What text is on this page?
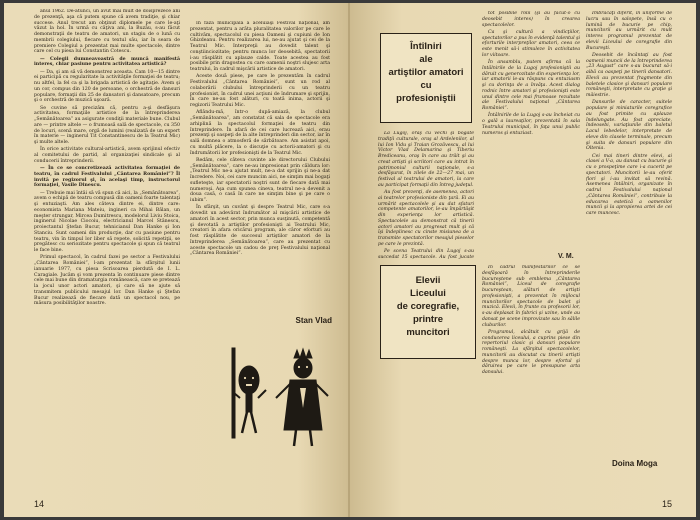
anul 1962. De-atunci, un avut mai mult de doisprezece ani de prezenţă, aşa că putem spune că avem tradiţie, şi chiar succese. Anul trecut am obţinut diplomele pe care le-aţi văzut la hol. În urmă cu câţiva ani, la Buzău, s-au făcut demonstraţii de teatru de amatori, un stagiu de o lună cu membrii colegiului, fiecare cu textul său, iar în seara de premiere Colegiul a prezentat mai multe spectacole, dintre care cel cu piesa lui Constantin Cotescu.

— Colegii dumneavoastră de muncă manifestă interes, chiar pasiune pentru activitatea artistică?

— Da, şi am să vă demonstrez aceasta. Cam 10—15 dintre ei participă cu regularitate la activităţile formaţiei de teatru; nu altfel, la fel ca şi la brigada artistică de agitaţie. Avem şi un cor, compus din 120 de persoane, o orchestră de dansuri populare, formaţii din 25 de dansatori şi dansatoare, precum şi o orchestră de muzică uşoară.

Se cuvine să precizăm că, pentru a-şi desfăşura activitatea, formaţiile artistice de la întreprinderea „Semănătoarea” au asigurate condiţii materiale bune. Clubul are — printre altele — o frumoasă sală de spectacole, cu 350 de locuri, scenă mare, orgă de lumini (realizată de un expert în materie — inginerul Tit Constantinescu de la Teatrul Mic) şi multe altele.

În orice activitate cultural-artistică, avem sprijinul efectiv al comitetului de partid, al organizaţiei sindicale şi al conducerii întreprinderii.

— În ce se concretizează activitatea formaţiei de teatru, în cadrul Festivalului „Cântarea României”? Îl invită pe regizorul şi, în acelaşi timp, instructorul formaţiei, Vasile Dinescu.

— Trebuie mai întâi să vă spun că aici, la „Semănătoarea”, avem o echipă de teatru compusă din oameni foarte talentaţi şi entuziaşti. Am ales câteva dintre ei, dintre care: economista Mariana Mateiu, ingineri ca Mihai Bălan, un meşter strungar, Mircea Dumitrescu, modelorul Liviu Stoica, inginerul Nicolae Ciocoiu, electricianul Marcel Stănescu, proiectantul Ştefan Bucur, tehnicianul Dan Hanke şi Ion Stanciu. Sunt oameni din producţie, dar cu pasiune pentru teatru, vin în timpul lor liber să repete, solicită repetiţii, se pregătesc cu seriozitate pentru spectacole şi spun că teatrul le face bine.

Primul spectacol, în cadrul fazei pe sector a Festivalului „Cântarea României”, l-am prezentat la sfârşitul lunii ianuarie 1977, cu piesa Scrisoarea pierdută de I. L. Caragiale. Jucăm şi vom prezenta în continuare piese dintre cele mai bune din dramaturgia românească, care se pretează la jocul unor actori amatori, şi care să ne ajute să transmitem publicului mesajul lor. Dan Hanke şi Ştefan Bucur realizează de fiecare dată un spectacol nou, pe măsura posibilităţilor noastre.

În faza municipală a aceluiaşi Festival naţional, am prezentat, pentru a arăta pluralitatea valorilor pe care le cultivăm, spectacolul cu piesa Oameni şi cupiuni de Ion Ghizdeanu. Pentru realizarea lui, ne-au ajutat şi cei de la Teatrul Mic. Interpreţii au dovedit talent şi conştiinciozitate; pentru munca lor deosebită, spectatorii i-au răsplătit cu aplauze calde. Toate acestea au fost posibile prin dragostea cu care oamenii noştri slujesc arta teatrului, în cadrul mişcării artistice de amatori.

Aceste două piese, pe care le prezentăm în cadrul Festivalului „Cântarea României”, sunt un rod al colaborării clubului întreprinderii cu un teatru profesionist, în cadrul unei acţiuni de îndrumare şi sprijin, în care ne-au fost alături, cu toată inima, actorii şi regizorii Teatrului Mic.

Aflându-mă, într-o după-amiază, la clubul „Semănătoarea”, am constatat că sala de spectacole era arhiplină la spectacolul formaţiei de teatru din întreprindere. În afară de cei care lucrează aici, erau prezenţi şi oaspeţi de la alte întreprinderi din sector, iar în sală domnea o atmosferă de sărbătoare. Am asistat apoi, cu multă plăcere, la o discuţie cu actorii-amatori şi cu îndrumătorii lor profesionişti de la Teatrul Mic.

Redăm, cele câteva cuvinte ale directorului Clubului „Semănătoarea”, care ne-au impresionat prin căldura lor: „Teatrul Mic ne-a ajutat mult, ne-a dat sprijin şi ne-a dat încredere. Noi, cei care muncim aici, ne simţim mai bogaţi sufleteşte, iar spectatorii noştri sunt de fiecare dată mai numeroşi. Aşa cum spunea cineva, teatrul ne-a devenit a doua casă, o casă în care ne simţim bine şi pe care o iubim”.

În sfârşit, un cuvânt şi despre Teatrul Mic, care s-a dovedit un adevărat îndrumător al mişcării artistice de amatori în acest sector, prin munca susţinută, competentă şi devotată a artiştilor profesionişti ai Teatrului Mic, creatori în afara oricărui program, ale căror eforturi au fost răsplătite de succesul artiştilor amatori de la întreprinderea „Semănătoarea”, care au prezentat cu aceste spectacole un cadou de preţ Festivalului naţional „Cântarea României”.

Stan Vlad
14
Întîlniri
ale
artiştilor amatori
cu
profesioniştii

La Lugoj, oraş cu vechi şi bogate tradiţii culturale, oraş al Ardelenilor, al lui Ion Vidu şi Traian Grozăvescu, al lui Victor Vlad Delamarina şi Tiberiu Brediceanu, oraş în care au trăit şi au creat artişti şi scriitori care au intrat în patrimoniul culturii naţionale, s-a desfăşurat, în zilele de 22—27 mai, un festival al teatrului de amatori, la care au participat formaţii din întreg judeţul.

Au fost prezenţi, de asemenea, actori ai teatrelor profesioniste din ţară. Ei au urmărit spectacolele şi au dat sfaturi competente amatorilor, le-au împărtăşit din experienţa lor artistică. Spectacolele au demonstrat că tinerii actori amatori au progresat mult şi că îşi îndeplinesc cu cinste misiunea de a transmite spectatorilor mesajul pieselor pe care le prezintă.

Pe scena Teatrului din Lugoj s-au succedat 15 spectacole. Au fost jucate

tot posibile rolii (şi au făcut-o cu deosebit interes) în crearea spectacolelor.

Ca şi cultură a vindicţiilor, spectatorilor a pus în evidenţă talentul şi eforturile interpreţilor amatori, ceea ce este menit să-i stimuleze în activitatea lor viitoare.

În ansamblu, putem afirma că la întâlnirile de la Lugoj profesioniştii au dăruit cu generozitate din experienţa lor, iar amatorii le-au răspuns cu entuziasm şi cu dorinţa de a învăţa. Acest dialog rodnic între amatori şi profesionişti este unul dintre cele mai frumoase rezultate ale Festivalului naţional „Cântarea României”.

Întâlnirile de la Lugoj s-au încheiat cu o gală a laureaţilor, prezentată în sala Teatrului municipal, în faţa unui public numeros şi entuziast.

V. M.
Elevii
Liceului
de coregrafie,
printre
muncitori

În cadrul manifestărilor ce se desfăşoară în întreprinderile bucureştene sub emblema „Cântarea României”, Liceul de coregrafie bucureştean, alături de artişti profesionişti, a prezentat în mijlocul muncitorilor spectacole de balet şi muzică. Elevii, în frunte cu profesorii lor, s-au deplasat în fabrici şi uzine, unde au dansat pe scene improvizate sau în sălile cluburilor.

Programul, alcătuit cu grijă de conducerea liceului, a cuprins piese din repertoriul clasic şi dansuri populare româneşti. La sfârşitul spectacolelor, muncitorii au discutat cu tinerii artişti despre munca lor, despre efortul şi dăruirea pe care le presupune arta dansului.

Îmbrăcaţi diferit, în uniforme de lucru sau în salopete, însă cu o lumină de bucurie pe chip, muncitorii au urmărit cu mult interes programul prezentat de elevii Liceului de coregrafie din Bucureşti.

Deosebit de încântaţi au fost oamenii muncii de la întreprinderea „23 August” care s-au bucurat să-i aibă ca oaspeţi pe tinerii dansatori. Elevii au prezentat fragmente din baletele clasice şi dansuri populare româneşti, interpretate cu graţie şi măiestrie.

Dansurile de caracter, suitele populare şi miniaturile coregrafice au fost primite cu aplauze îndelungate. Au fost apreciate, îndeosebi, variaţiunile din baletul Lacul lebedelor, interpretate de eleve din clasele terminale, precum şi suita de dansuri populare din Oltenia.

Cei mai tineri dintre elevi, ai clasei a V-a, au dansat cu bucurie şi cu o prospeţime care i-a cucerit pe spectatori. Muncitorii le-au oferit flori şi i-au invitat să revină. Asemenea întâlniri, organizate în cadrul Festivalului naţional „Cântarea României”, contribuie la educarea estetică a oamenilor muncii şi la apropierea artei de cei care muncesc.

Doina Moga
15
